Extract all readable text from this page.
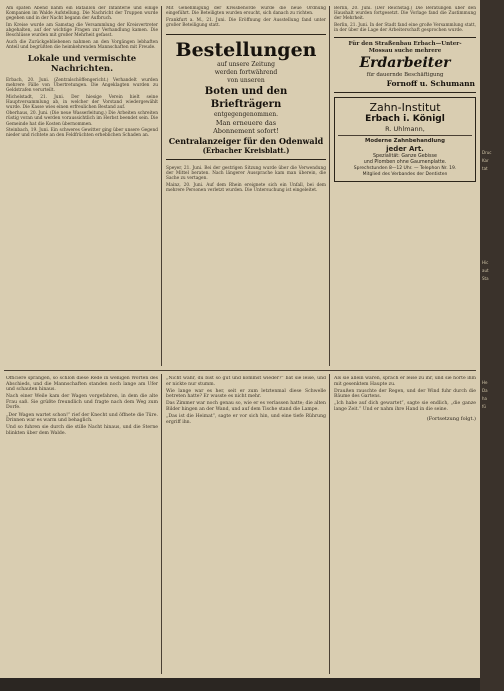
Am späten Abend nahm ein Bataillon der Infanterie und einige Kompanien im Walde Aufstellung. Die Nachricht der Truppen wurde gegeben und in der Nacht begann der Aufbruch.

Im Kreise wurde am Samstag die Versammlung der Kreisvertreter abgehalten, auf der wichtige Fragen zur Verhandlung kamen. Die Beschlüsse wurden mit großer Mehrheit gefasst.

Auch die Zurückgebliebenen nahmen an den Vorgängen lebhaften Anteil und begrüßten die heimkehrenden Mannschaften mit Freude.

Lokale und vermischte Nachrichten.

Erbach, 20. Juni. (Zentralschöffengericht.) Verhandelt wurden mehrere Fälle von Übertretungen. Die Angeklagten wurden zu Geldstrafen verurteilt.

Michelstadt, 21. Juni. Der hiesige Verein hielt seine Hauptversammlung ab, in welcher der Vorstand wiedergewählt wurde. Die Kasse wies einen erfreulichen Bestand auf.

Oberhaus, 20. Juni. (Die neue Wasserleitung.) Die Arbeiten schreiten rüstig voran und werden voraussichtlich im Herbst beendet sein. Die Gemeinde hat die Kosten übernommen.

Steinbach, 19. Juni. Ein schweres Gewitter ging über unsere Gegend nieder und richtete an den Feldfrüchten erheblichen Schaden an.

Mit Genehmigung der Kreisbehörde wurde die neue Ordnung eingeführt. Die Beteiligten wurden ersucht, sich danach zu richten.

Frankfurt a. M., 21. Juni. Die Eröffnung der Ausstellung fand unter großer Beteiligung statt.

Bestellungen
auf unsere Zeitung
werden fortwährend
von unseren
Boten und den Briefträgern
entgegengenommen.
Man erneuere das
Abonnement sofort!
Centralanzeiger für den Odenwald
(Erbacher Kreisblatt.)

Speyer, 21. Juni. Bei der gestrigen Sitzung wurde über die Verwendung der Mittel beraten. Nach längerer Aussprache kam man überein, die Sache zu vertagen.

Mainz, 20. Juni. Auf dem Rhein ereignete sich ein Unfall, bei dem mehrere Personen verletzt wurden. Die Untersuchung ist eingeleitet.

Berlin, 20. Juni. (Der Reichstag.) Die Beratungen über den Haushalt wurden fortgesetzt. Die Vorlage fand die Zustimmung der Mehrheit.

Berlin, 21. Juni. In der Stadt fand eine große Versammlung statt, in der über die Lage der Arbeiterschaft gesprochen wurde.

Für den Straßenbau Erbach—Unter-
Mossau suche mehrere
Erdarbeiter
für dauernde Beschäftigung
Fornoff u. Schumann
Zahn-Institut
Erbach i. Königl
R. Uhlmann,
Moderne Zahnbehandlung
jeder Art.
Spezialität: Ganze Gebisse
und Plomben ohne Gaumenplatte.
Sprechstunden 8—12 Uhr. — Telephon Nr. 19.
Mitglied des Verbandes der Dentisten

Officiere sprangen, so schloß diese Rede in wenigen Worten des Abschieds, und die Mannschaften standen noch lange am Ufer und schauten hinaus.

Nach einer Weile kam der Wagen vorgefahren, in dem die alte Frau saß. Sie grüßte freundlich und fragte nach dem Weg zum Dorfe.

„Der Wagen wartet schon!“ rief der Knecht und öffnete die Türe. Drinnen war es warm und behaglich.

Und so fuhren sie durch die stille Nacht hinaus, und die Sterne blinkten über dem Walde.

„Nicht wahr, du bist so gut und kommst wieder?“ bat sie leise, und er nickte nur stumm.

Wie lange war es her, seit er zum letztenmal diese Schwelle betreten hatte? Er wusste es nicht mehr.

Das Zimmer war noch genau so, wie er es verlassen hatte; die alten Bilder hingen an der Wand, und auf dem Tische stand die Lampe.

„Das ist die Heimat“, sagte er vor sich hin, und eine tiefe Rührung ergriff ihn.

Als sie allein waren, sprach er leise zu ihr, und sie hörte ihm mit gesenktem Haupte zu.

Draußen rauschte der Regen, und der Wind fuhr durch die Bäume des Gartens.

„Ich habe auf dich gewartet“, sagte sie endlich, „die ganze lange Zeit.“ Und er nahm ihre Hand in die seine.

(Fortsetzung folgt.)
Druc
Kar
tat
Hic
aut
Sta
He
Da
ha
fü
